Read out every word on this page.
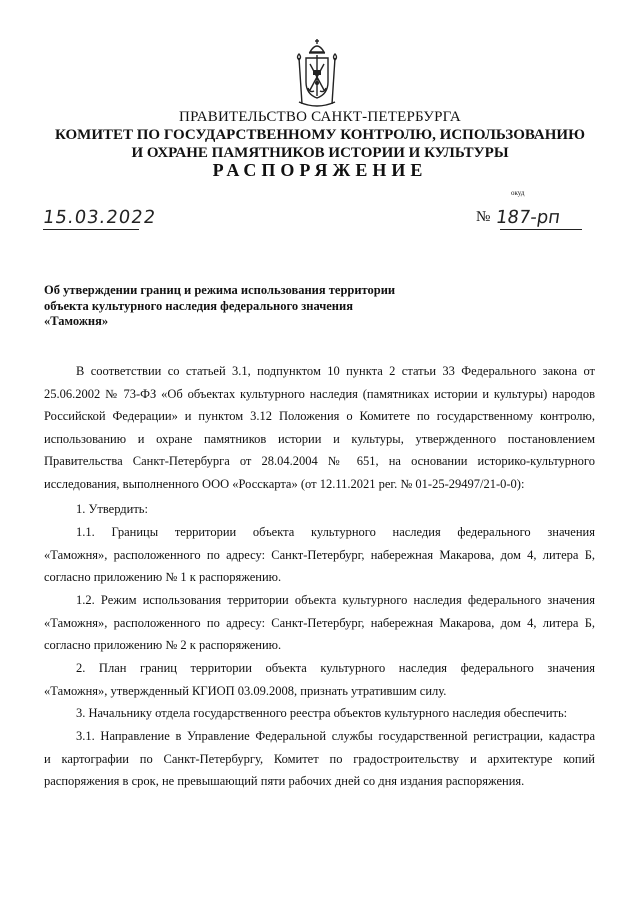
ПРАВИТЕЛЬСТВО САНКТ-ПЕТЕРБУРГА
КОМИТЕТ ПО ГОСУДАРСТВЕННОМУ КОНТРОЛЮ, ИСПОЛЬЗОВАНИЮ
И ОХРАНЕ ПАМЯТНИКОВ ИСТОРИИ И КУЛЬТУРЫ
РАСПОРЯЖЕНИЕ
окуд
15.03.2022	№ 187-рп
Об утверждении границ и режима использования территории
объекта культурного наследия федерального значения
«Таможня»
В соответствии со статьей 3.1, подпунктом 10 пункта 2 статьи 33 Федерального закона от
25.06.2002 № 73-ФЗ «Об объектах культурного наследия (памятниках истории и культуры) народов
Российской Федерации» и пунктом 3.12 Положения о Комитете по государственному контролю,
использованию и охране памятников истории и культуры, утвержденного постановлением
Правительства Санкт-Петербурга от 28.04.2004 № 651, на основании историко-культурного
исследования, выполненного ООО «Росскарта» (от 12.11.2021 рег. № 01-25-29497/21-0-0):
1. Утвердить:
1.1. Границы территории объекта культурного наследия федерального значения
«Таможня», расположенного по адресу: Санкт-Петербург, набережная Макарова, дом 4, литера Б,
согласно приложению № 1 к распоряжению.
1.2. Режим использования территории объекта культурного наследия федерального значения
«Таможня», расположенного по адресу: Санкт-Петербург, набережная Макарова, дом 4, литера Б,
согласно приложению № 2 к распоряжению.
2. План границ территории объекта культурного наследия федерального значения
«Таможня», утвержденный КГИОП 03.09.2008, признать утратившим силу.
3. Начальнику отдела государственного реестра объектов культурного наследия обеспечить:
3.1. Направление в Управление Федеральной службы государственной регистрации, кадастра
и картографии по Санкт-Петербургу, Комитет по градостроительству и архитектуре копий
распоряжения в срок, не превышающий пяти рабочих дней со дня издания распоряжения.
